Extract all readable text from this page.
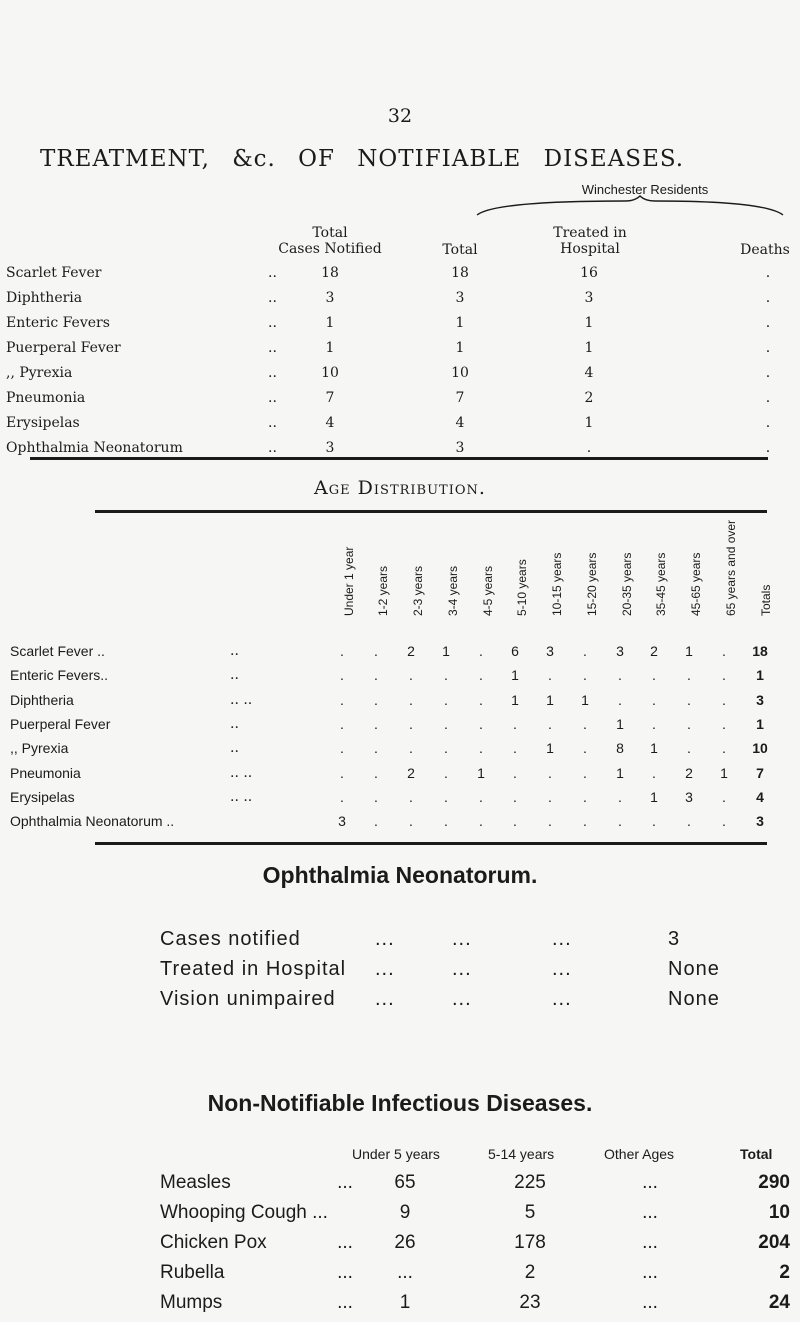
32
TREATMENT, &c. OF NOTIFIABLE DISEASES.
Winchester Residents
Total
Cases Notified	Total
Treated in
Hospital	Deaths
Scarlet Fever	..	18	18	16	.
Diphtheria	..	3	3	3	.
Enteric Fevers	..	1	1	1	.
Puerperal Fever	..	1	1	1	.
,, Pyrexia	..	10	10	4	.
Pneumonia	..	7	7	2	.
Erysipelas	..	4	4	1	.
Ophthalmia Neonatorum	..	3	3	.	.
Age Distribution.
Under 1 year 1-2 years 2-3 years 3-4 years 4-5 years 5-10 years 10-15 years 15-20 years 20-35 years 35-45 years 45-65 years 65 years and over Totals
Scarlet Fever ..	..	.	.	2	1	.	6	3	.	3	2	1	.	18
Enteric Fevers..	..	.	.	.	.	.	1	.	.	.	.	.	.	1
Diphtheria	.. ..	.	.	.	.	.	1	1	1	.	.	.	.	3
Puerperal Fever	..	.	.	.	.	.	.	.	.	1	.	.	.	1
,, Pyrexia	..	.	.	.	.	.	.	1	.	8	1	.	.	10
Pneumonia	.. ..	.	.	2	.	1	.	.	.	1	.	2	1	7
Erysipelas	.. ..	.	.	.	.	.	.	.	.	.	1	3	.	4
Ophthalmia Neonatorum ..	3	.	.	.	.	.	.	.	.	.	.	.	3
Ophthalmia Neonatorum.
Cases notified	...	...	...	3
Treated in Hospital ...	...	...	None
Vision unimpaired ...	...	...	None
Non-Notifiable Infectious Diseases.
Under 5 years	5-14 years	Other Ages	Total
Measles	...	65	225	...	290
Whooping Cough ...	9	5	...	10
Chicken Pox	...	26	178	...	204
Rubella	...	...	2	...	2
Mumps	...	1	23	...	24
